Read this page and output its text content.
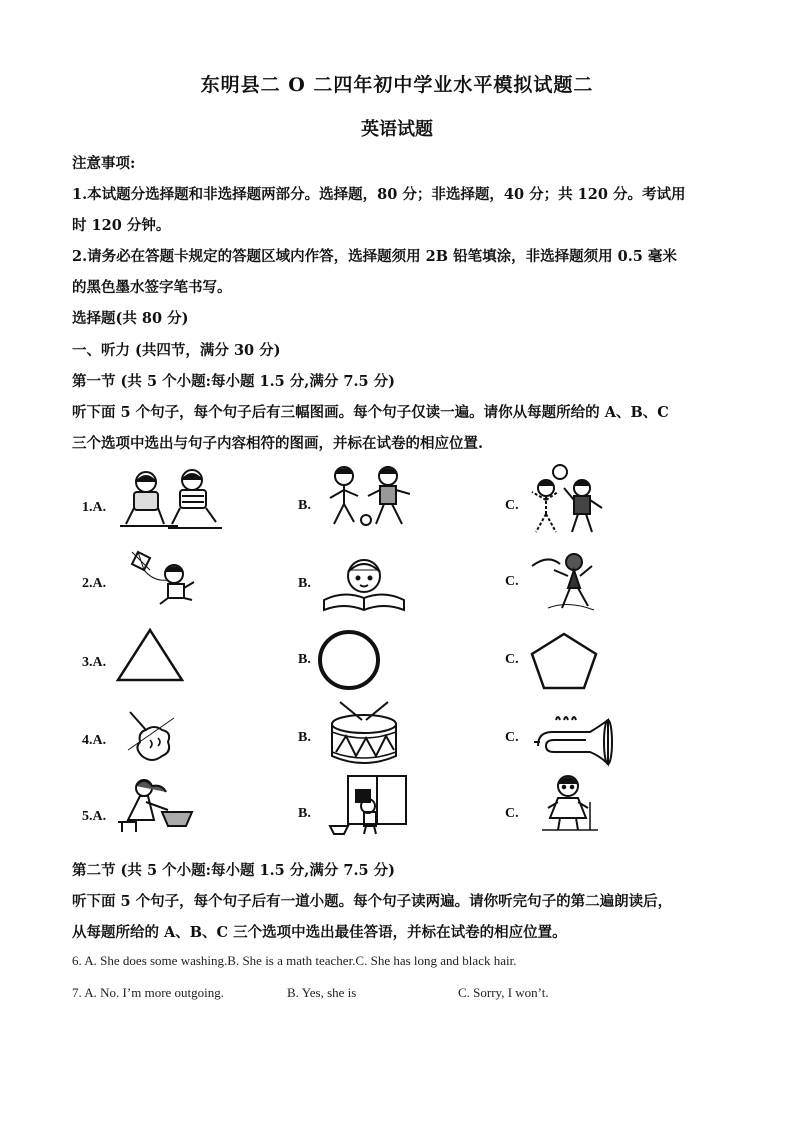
东明县二 O 二四年初中学业水平模拟试题二
英语试题
注意事项:
1.本试题分选择题和非选择题两部分。选择题，80 分；非选择题，40 分；共 120 分。考试用
时 120 分钟。
2.请务必在答题卡规定的答题区域内作答，选择题须用 2B 铅笔填涂，非选择题须用 0.5 毫米
的黑色墨水签字笔书写。
选择题(共 80 分)
一、听力 (共四节，满分 30 分)
第一节 (共 5 个小题:每小题 1.5 分,满分 7.5 分)
听下面 5 个句子，每个句子后有三幅图画。每个句子仅读一遍。请你从每题所给的 A、B、C
三个选项中选出与句子内容相符的图画，并标在试卷的相应位置.
1.A.	B.	C.
2.A.	B.	C.
3.A.	B.	C.
4.A.	B.	C.
5.A.	B.	C.
第二节 (共 5 个小题:每小题 1.5 分,满分 7.5 分)
听下面 5 个句子，每个句子后有一道小题。每个句子读两遍。请你听完句子的第二遍朗读后，
从每题所给的 A、B、C 三个选项中选出最佳答语，并标在试卷的相应位置。
6. A. She does some washing.B. She is a math teacher.C. She has long and black hair.
7. A. No. I’m more outgoing.	B. Yes, she is	C. Sorry, I won’t.
